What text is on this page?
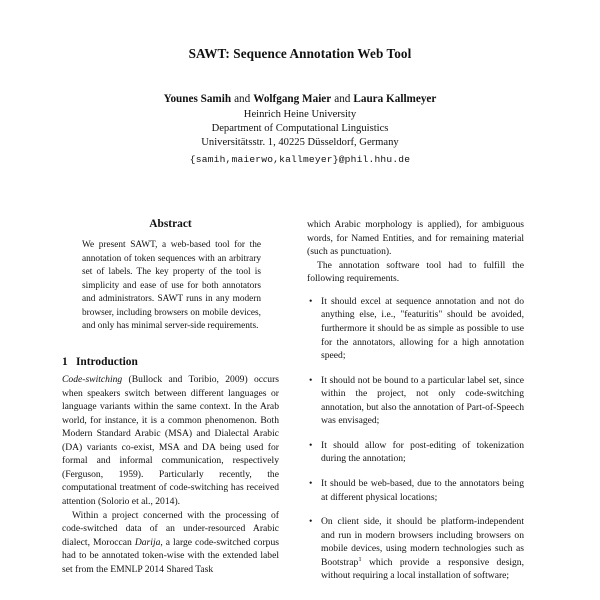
SAWT: Sequence Annotation Web Tool

Younes Samih and Wolfgang Maier and Laura Kallmeyer

Heinrich Heine University

Department of Computational Linguistics

Universitätsstr. 1, 40225 Düsseldorf, Germany

{samih,maierwo,kallmeyer}@phil.hhu.de

Abstract

We present SAWT, a web-based tool for the annotation of token sequences with an arbitrary set of labels. The key property of the tool is simplicity and ease of use for both annotators and administrators. SAWT runs in any modern browser, including browsers on mobile devices, and only has minimal server-side requirements.

1 Introduction

Code-switching (Bullock and Toribio, 2009) occurs when speakers switch between different languages or language variants within the same context. In the Arab world, for instance, it is a common phenomenon. Both Modern Standard Arabic (MSA) and Dialectal Arabic (DA) variants co-exist, MSA and DA being used for formal and informal communication, respectively (Ferguson, 1959). Particularly recently, the computational treatment of code-switching has received attention (Solorio et al., 2014).

Within a project concerned with the processing of code-switched data of an under-resourced Arabic dialect, Moroccan Darija, a large code-switched corpus had to be annotated token-wise with the extended label set from the EMNLP 2014 Shared Task

which Arabic morphology is applied), for ambiguous words, for Named Entities, and for remaining material (such as punctuation).

The annotation software tool had to fulfill the following requirements.

• It should excel at sequence annotation and not do anything else, i.e., "featuritis" should be avoided, furthermore it should be as simple as possible to use for the annotators, allowing for a high annotation speed;
• It should not be bound to a particular label set, since within the project, not only code-switching annotation, but also the annotation of Part-of-Speech was envisaged;
• It should allow for post-editing of tokenization during the annotation;
• It should be web-based, due to the annotators being at different physical locations;
• On client side, it should be platform-independent and run in modern browsers including browsers on mobile devices, using modern technologies such as Bootstrap$^1$ which provide a responsive design, without requiring a local installation of software;
